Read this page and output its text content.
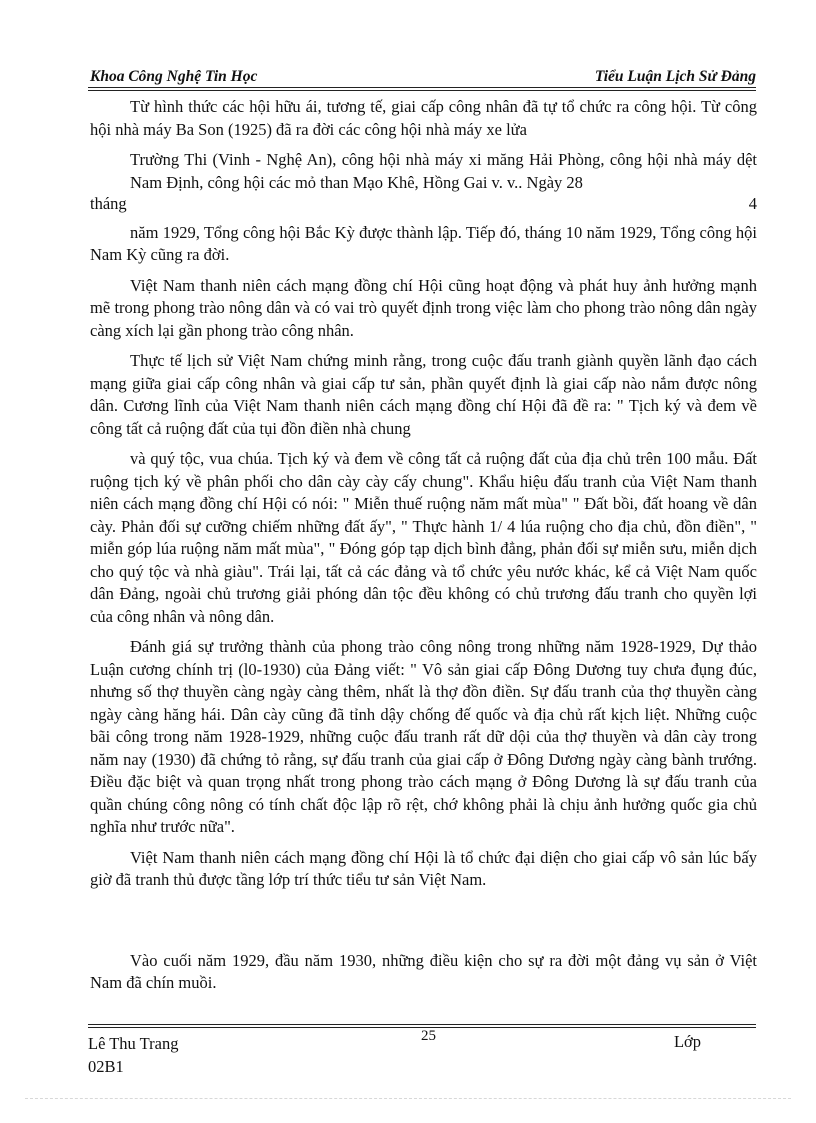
Khoa Công Nghệ Tin Học	Tiểu Luận Lịch Sử Đảng

Từ hình thức các hội hữu ái, tương tế, giai cấp công nhân đã tự tổ chức ra công hội. Từ công hội nhà máy Ba Son (1925) đã ra đời các công hội nhà máy xe lửa

Trường Thi (Vinh - Nghệ An), công hội nhà máy xi măng Hải Phòng, công hội nhà máy dệt Nam Định, công hội các mỏ than Mạo Khê, Hồng Gai v. v.. Ngày 28

tháng	4

năm 1929, Tổng công hội Bắc Kỳ được thành lập. Tiếp đó, tháng 10 năm 1929, Tổng công hội Nam Kỳ cũng ra đời.

Việt Nam thanh niên cách mạng đồng chí Hội cũng hoạt động và phát huy ảnh hưởng mạnh mẽ trong phong trào nông dân và có vai trò quyết định trong việc làm cho phong trào nông dân ngày càng xích lại gần phong trào công nhân.

Thực tế lịch sử Việt Nam chứng minh rằng, trong cuộc đấu tranh giành quyền lãnh đạo cách mạng giữa giai cấp công nhân và giai cấp tư sản, phần quyết định là giai cấp nào nắm được nông dân. Cương lĩnh của Việt Nam thanh niên cách mạng đồng chí Hội đã đề ra: " Tịch ký và đem về công tất cả ruộng đất của tụi đồn điền nhà chung

và quý tộc, vua chúa. Tịch ký và đem về công tất cả ruộng đất của địa chủ trên 100 mẫu. Đất ruộng tịch ký về phân phối cho dân cày cày cấy chung". Khẩu hiệu đấu tranh của Việt Nam thanh niên cách mạng đồng chí Hội có nói: " Miễn thuế ruộng năm mất mùa" " Đất bồi, đất hoang về dân cày. Phản đối sự cưỡng chiếm những đất ấy", " Thực hành 1/ 4 lúa ruộng cho địa chủ, đồn điền", " miễn góp lúa ruộng năm mất mùa", " Đóng góp tạp dịch bình đẳng, phản đối sự miễn sưu, miễn dịch cho quý tộc và nhà giàu". Trái lại, tất cả các đảng và tổ chức yêu nước khác, kể cả Việt Nam quốc dân Đảng, ngoài chủ trương giải phóng dân tộc đều không có chủ trương đấu tranh cho quyền lợi của công nhân và nông dân.

Đánh giá sự trưởng thành của phong trào công nông trong những năm 1928-1929, Dự thảo Luận cương chính trị (l0-1930) của Đảng viết: " Vô sản giai cấp Đông Dương tuy chưa đụng đúc, nhưng số thợ thuyền càng ngày càng thêm, nhất là thợ đồn điền. Sự đấu tranh của thợ thuyền càng ngày càng hăng hái. Dân cày cũng đã tỉnh dậy chống đế quốc và địa chủ rất kịch liệt. Những cuộc bãi công trong năm 1928-1929, những cuộc đấu tranh rất dữ dội của thợ thuyền và dân cày trong năm nay (1930) đã chứng tỏ rằng, sự đấu tranh của giai cấp ở Đông Dương ngày càng bành trướng. Điều đặc biệt và quan trọng nhất trong phong trào cách mạng ở Đông Dương là sự đấu tranh của quần chúng công nông có tính chất độc lập rõ rệt, chớ không phải là chịu ảnh hưởng quốc gia chủ nghĩa như trước nữa".

Việt Nam thanh niên cách mạng đồng chí Hội là tổ chức đại diện cho giai cấp vô sản lúc bấy giờ đã tranh thủ được tầng lớp trí thức tiểu tư sản Việt Nam.

Vào cuối năm 1929, đầu năm 1930, những điều kiện cho sự ra đời một đảng vụ sản ở Việt Nam đã chín muồi.

Lê Thu Trang
02B1
25	Lớp
